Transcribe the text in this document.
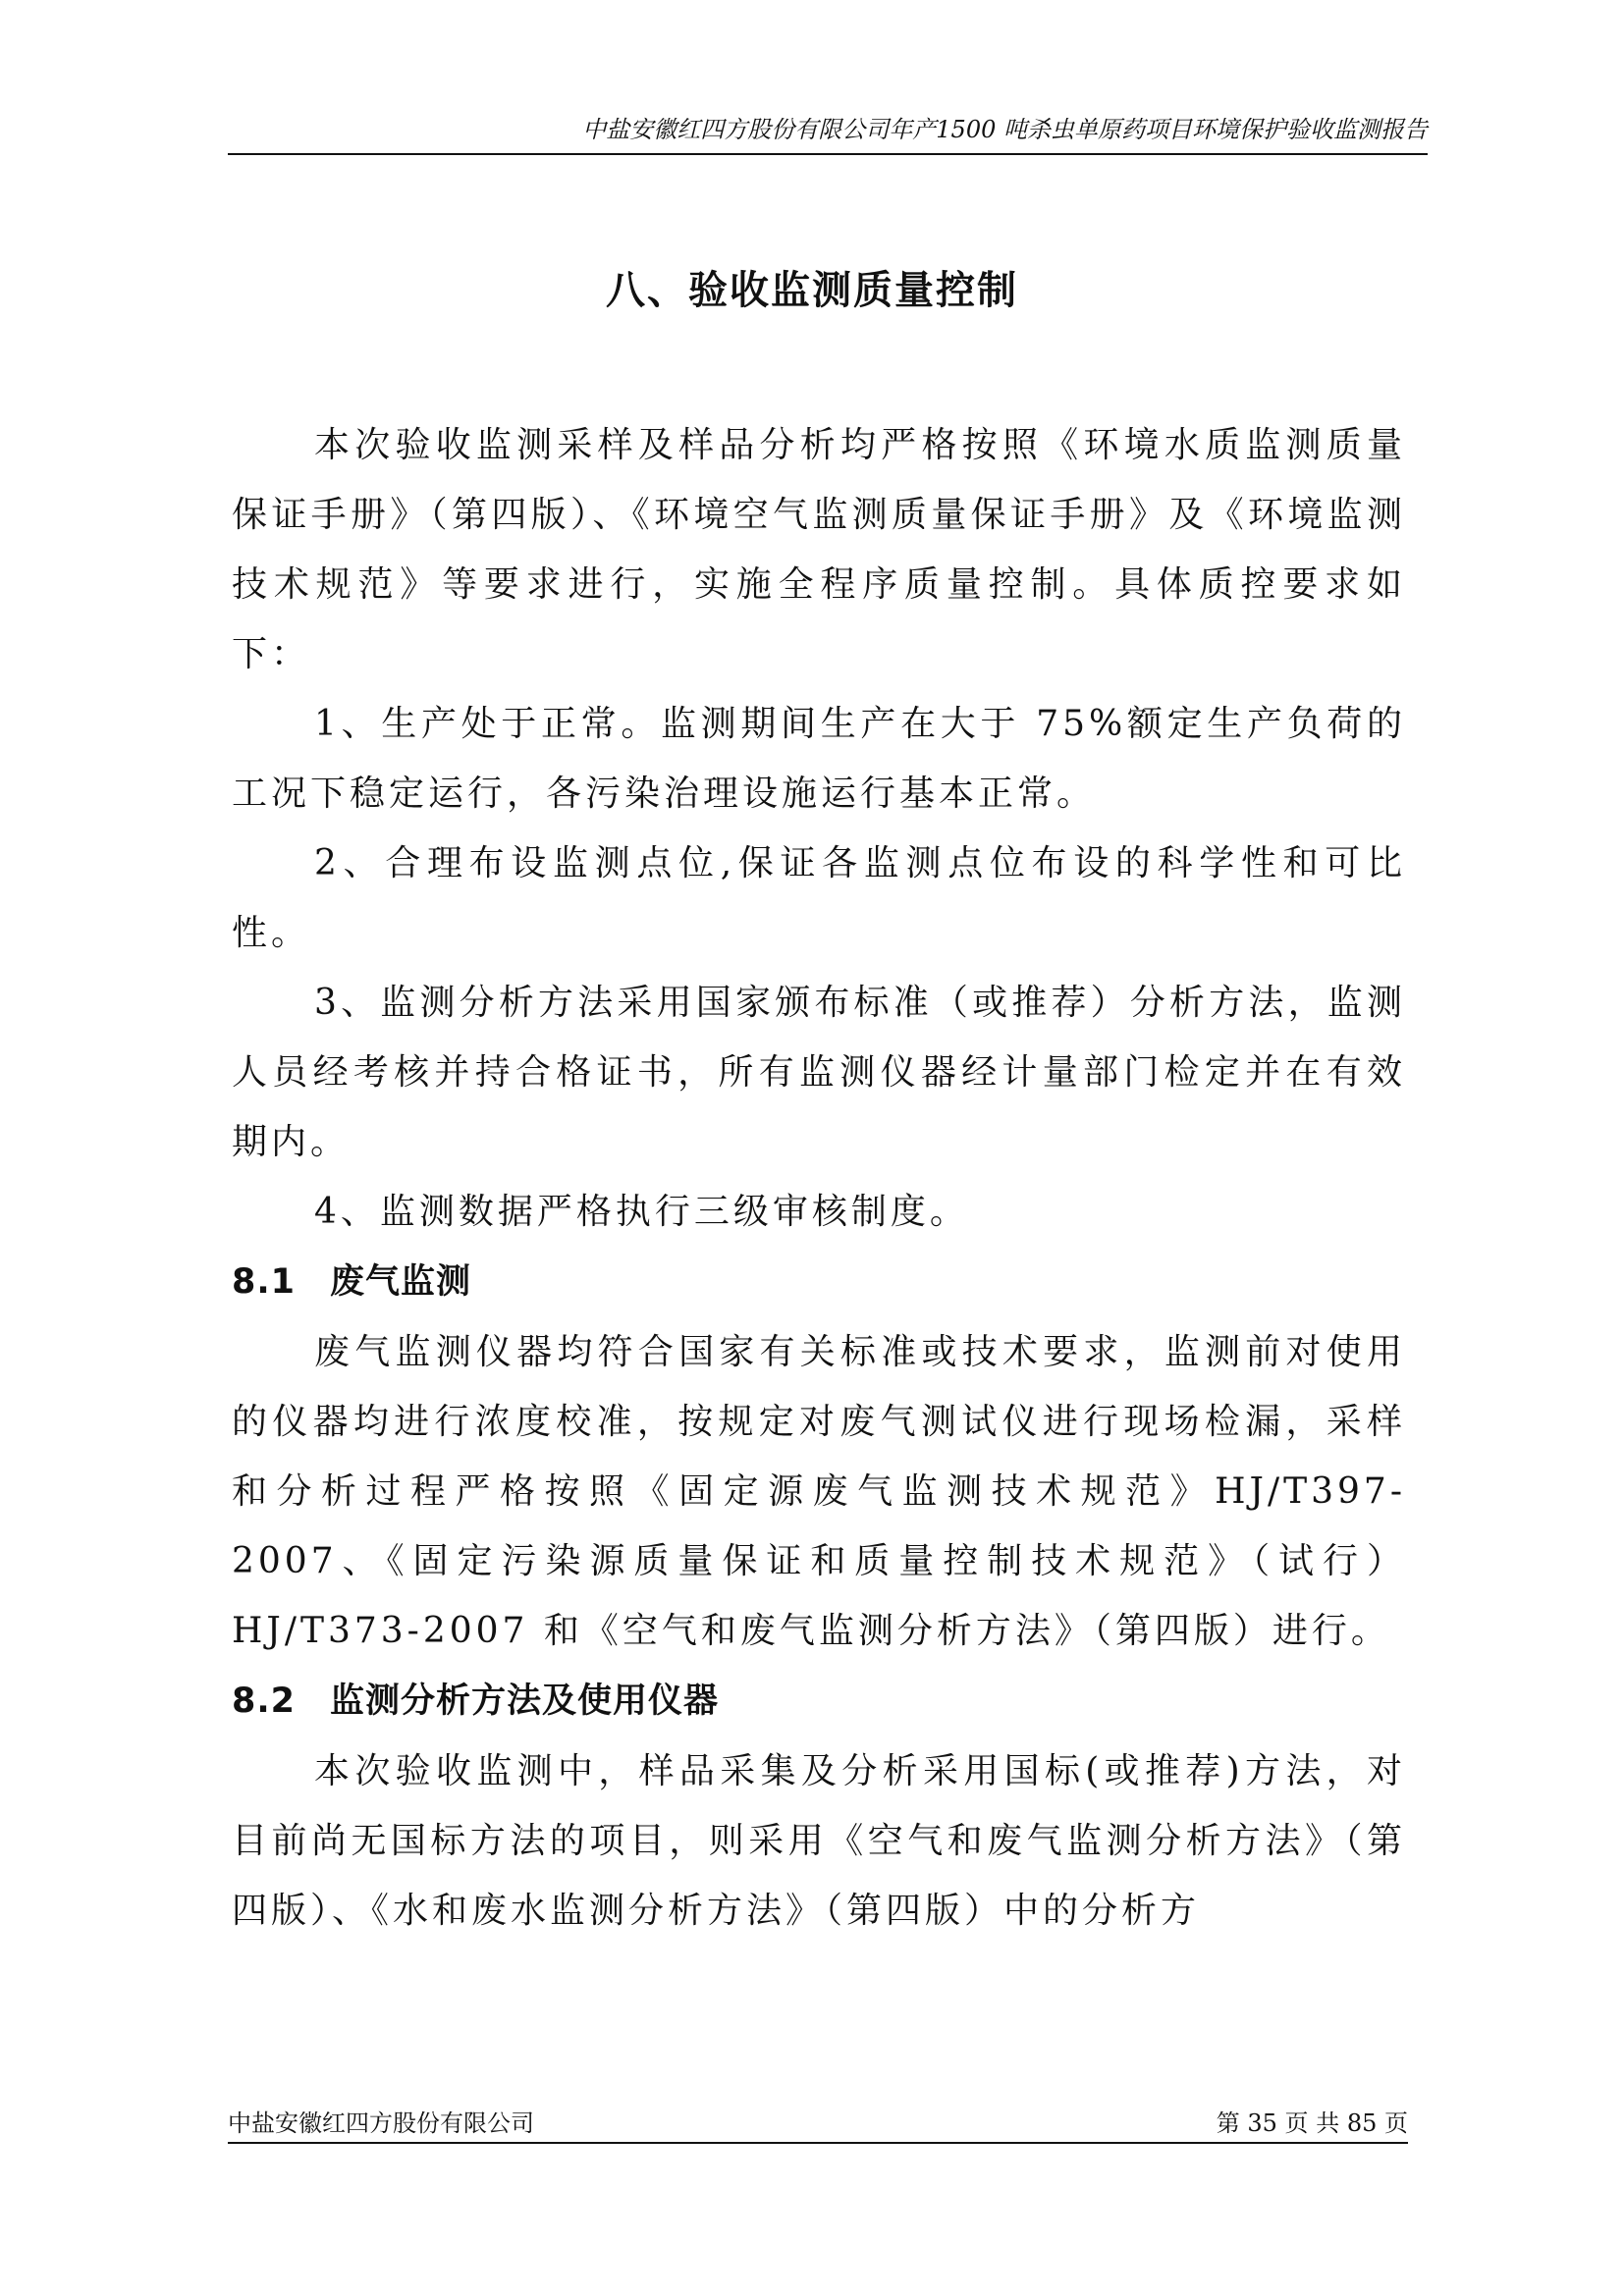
中盐安徽红四方股份有限公司年产1500 吨杀虫单原药项目环境保护验收监测报告
八、验收监测质量控制

本次验收监测采样及样品分析均严格按照《环境水质监测质量保证手册》（第四版）、《环境空气监测质量保证手册》及《环境监测技术规范》等要求进行，实施全程序质量控制。具体质控要求如下：

1、生产处于正常。监测期间生产在大于 75%额定生产负荷的工况下稳定运行，各污染治理设施运行基本正常。

2、合理布设监测点位,保证各监测点位布设的科学性和可比性。

3、监测分析方法采用国家颁布标准（或推荐）分析方法，监测人员经考核并持合格证书，所有监测仪器经计量部门检定并在有效期内。

4、监测数据严格执行三级审核制度。

8.1 废气监测

废气监测仪器均符合国家有关标准或技术要求，监测前对使用的仪器均进行浓度校准，按规定对废气测试仪进行现场检漏，采样和分析过程严格按照《固定源废气监测技术规范》HJ/T397-2007、《固定污染源质量保证和质量控制技术规范》（试行）HJ/T373-2007 和《空气和废气监测分析方法》（第四版）进行。

8.2 监测分析方法及使用仪器

本次验收监测中，样品采集及分析采用国标(或推荐)方法，对目前尚无国标方法的项目，则采用《空气和废气监测分析方法》（第四版）、《水和废水监测分析方法》（第四版）中的分析方

中盐安徽红四方股份有限公司	第 35 页 共 85 页
